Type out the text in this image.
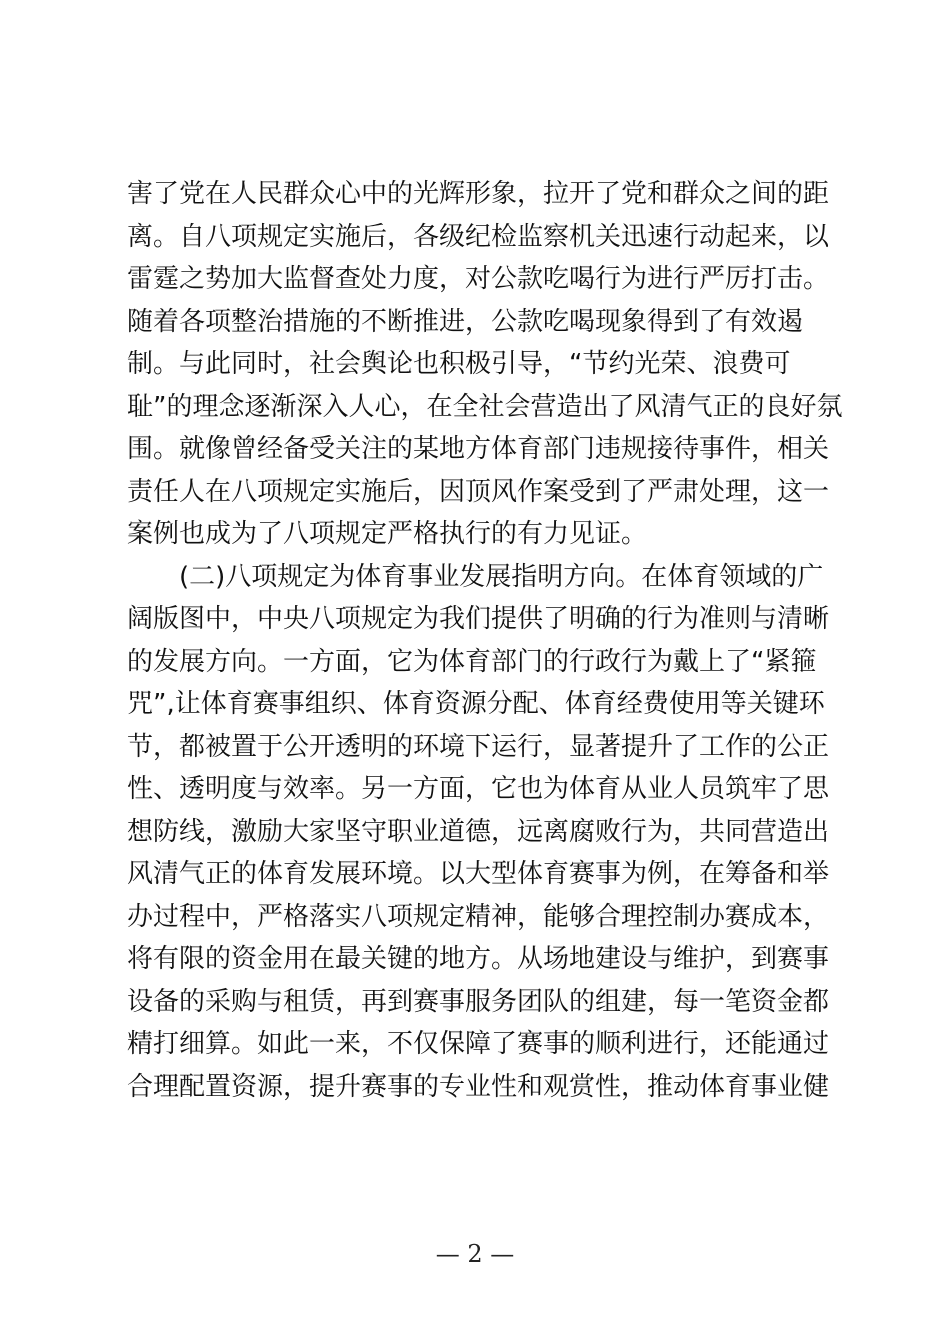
害了党在人民群众心中的光辉形象，拉开了党和群众之间的距
离。自八项规定实施后，各级纪检监察机关迅速行动起来，以
雷霆之势加大监督查处力度，对公款吃喝行为进行严厉打击。
随着各项整治措施的不断推进，公款吃喝现象得到了有效遏
制。与此同时，社会舆论也积极引导，“节约光荣、浪费可
耻”的理念逐渐深入人心，在全社会营造出了风清气正的良好氛
围。就像曾经备受关注的某地方体育部门违规接待事件，相关
责任人在八项规定实施后，因顶风作案受到了严肃处理，这一
案例也成为了八项规定严格执行的有力见证。
(二)八项规定为体育事业发展指明方向。在体育领域的广
阔版图中，中央八项规定为我们提供了明确的行为准则与清晰
的发展方向。一方面，它为体育部门的行政行为戴上了“紧箍
咒”,让体育赛事组织、体育资源分配、体育经费使用等关键环
节，都被置于公开透明的环境下运行，显著提升了工作的公正
性、透明度与效率。另一方面，它也为体育从业人员筑牢了思
想防线，激励大家坚守职业道德，远离腐败行为，共同营造出
风清气正的体育发展环境。以大型体育赛事为例，在筹备和举
办过程中，严格落实八项规定精神，能够合理控制办赛成本，
将有限的资金用在最关键的地方。从场地建设与维护，到赛事
设备的采购与租赁，再到赛事服务团队的组建，每一笔资金都
精打细算。如此一来，不仅保障了赛事的顺利进行，还能通过
合理配置资源，提升赛事的专业性和观赏性，推动体育事业健
— 2 —
